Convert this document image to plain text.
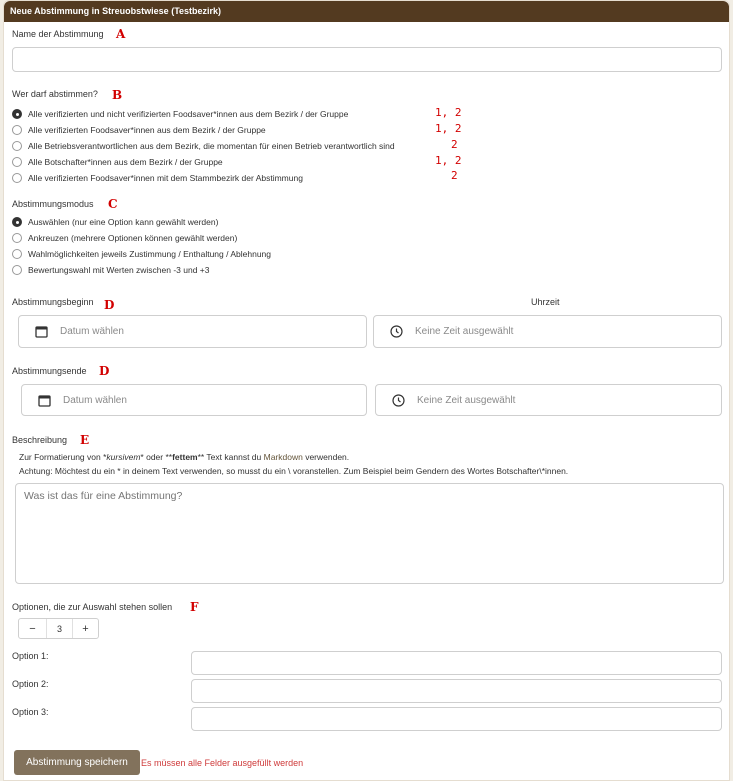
Neue Abstimmung in Streuobstwiese (Testbezirk)
Name der Abstimmung A
Wer darf abstimmen? B
Alle verifizierten und nicht verifizierten Foodsaver*innen aus dem Bezirk / der Gruppe	1, 2
Alle verifizierten Foodsaver*innen aus dem Bezirk / der Gruppe	1, 2
Alle Betriebsverantwortlichen aus dem Bezirk, die momentan für einen Betrieb verantwortlich sind	2
Alle Botschafter*innen aus dem Bezirk / der Gruppe	1, 2
Alle verifizierten Foodsaver*innen mit dem Stammbezirk der Abstimmung	2
Abstimmungsmodus C
Auswählen (nur eine Option kann gewählt werden)
Ankreuzen (mehrere Optionen können gewählt werden)
Wahlmöglichkeiten jeweils Zustimmung / Enthaltung / Ablehnung
Bewertungswahl mit Werten zwischen -3 und +3
Abstimmungsbeginn D	Uhrzeit
Datum wählen	Keine Zeit ausgewählt
Abstimmungsende D
Datum wählen	Keine Zeit ausgewählt
Beschreibung E
Zur Formatierung von *kursivem* oder **fettem** Text kannst du Markdown verwenden.
Achtung: Möchtest du ein * in deinem Text verwenden, so musst du ein \ voranstellen. Zum Beispiel beim Gendern des Wortes Botschafter\*innen.
Was ist das für eine Abstimmung?
Optionen, die zur Auswahl stehen sollen F
−	3	+
Option 1:
Option 2:
Option 3:
Abstimmung speichern	Es müssen alle Felder ausgefüllt werden
